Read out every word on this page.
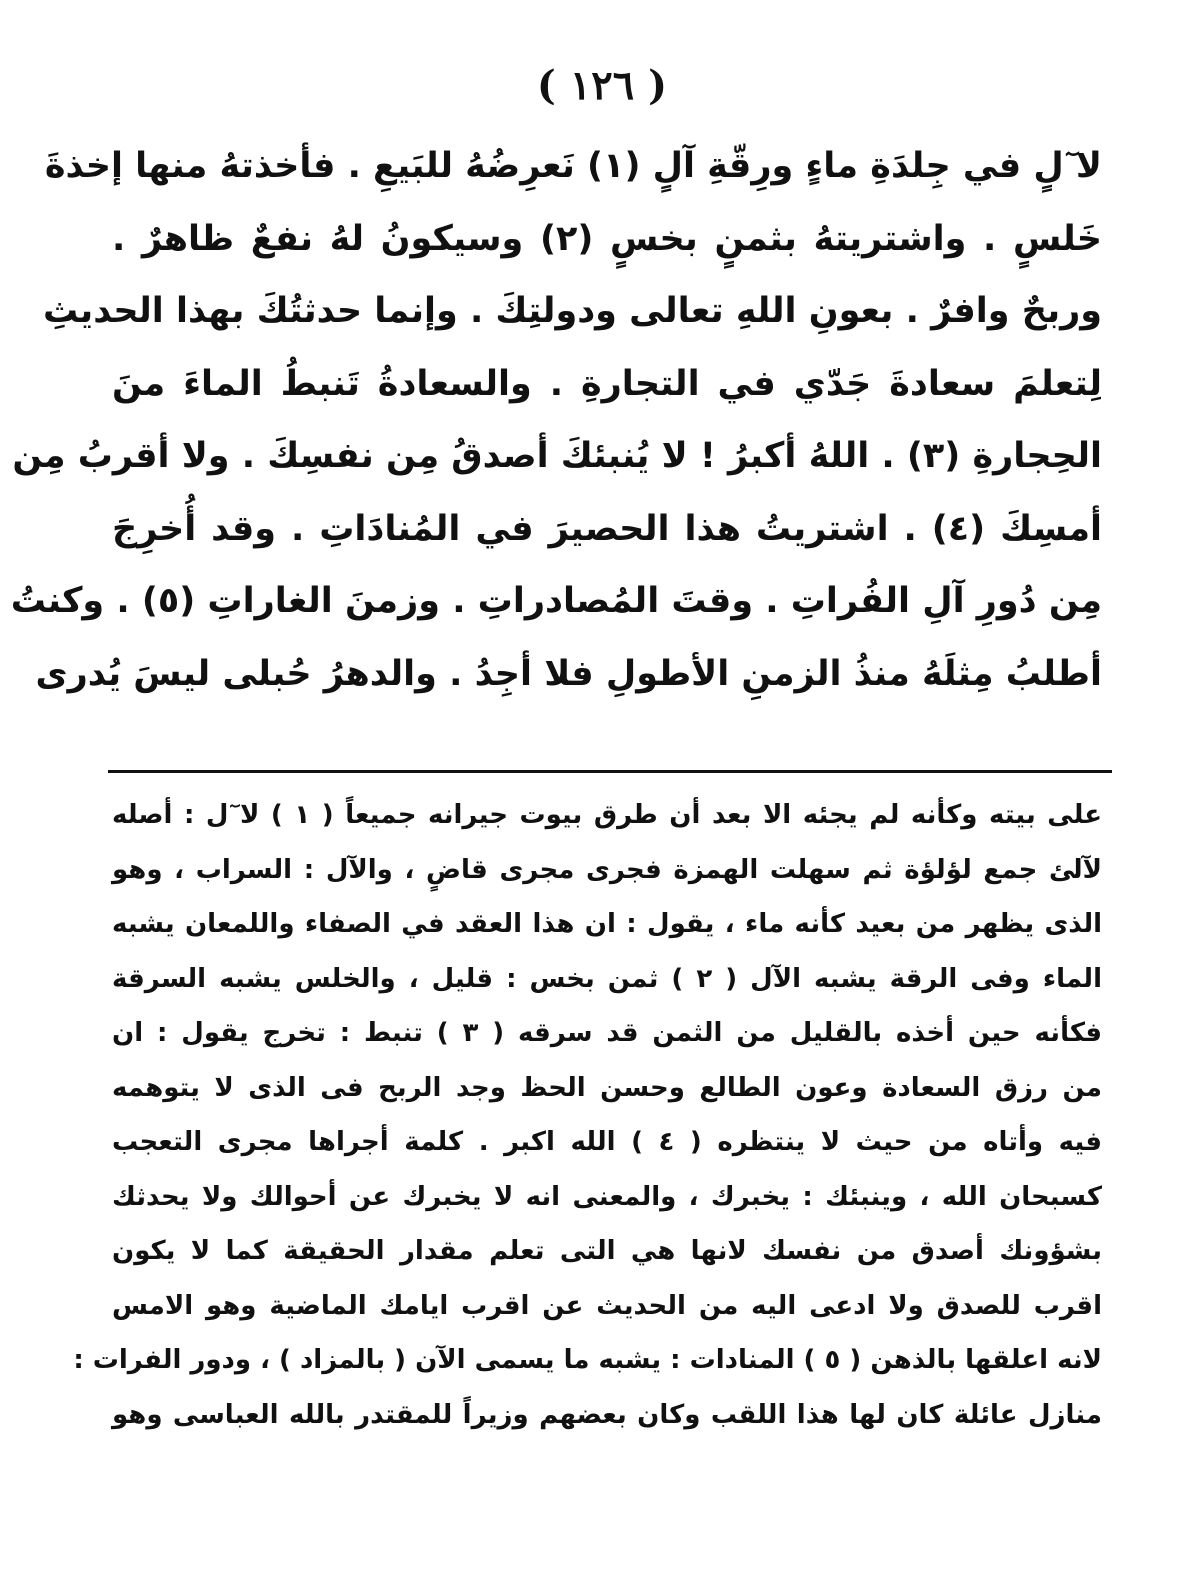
( ١٢٦ )
لا ٓلٍ في جِلدَةِ ماءٍ ورِقّةِ آلٍ (١) نَعرِضُهُ للبَيعِ . فأخذتهُ منها إخذةَ
خَلسٍ . واشتريتهُ بثمنٍ بخسٍ (٢) وسيكونُ لهُ نفعٌ ظاهرٌ .
وربحٌ وافرٌ . بعونِ اللهِ تعالى ودولتِكَ . وإنما حدثتُكَ بهذا الحديثِ
لِتعلمَ سعادةَ جَدّي في التجارةِ . والسعادةُ تَنبطُ الماءَ منَ
الحِجارةِ (٣) . اللهُ أكبرُ ! لا يُنبئكَ أصدقُ مِن نفسِكَ . ولا أقربُ مِن
أمسِكَ (٤) . اشتريتُ هذا الحصيرَ في المُنادَاتِ . وقد أُخرِجَ
مِن دُورِ آلِ الفُراتِ . وقتَ المُصادراتِ . وزمنَ الغاراتِ (٥) . وكنتُ
أطلبُ مِثلَهُ منذُ الزمنِ الأطولِ فلا أجِدُ . والدهرُ حُبلى ليسَ يُدرى
على بيته وكأنه لم يجئه الا بعد أن طرق بيوت جيرانه جميعاً ( ١ ) لا ٓل : أصله
لآلئ جمع لؤلؤة ثم سهلت الهمزة فجرى مجرى قاضٍ ، والآل : السراب ، وهو
الذى يظهر من بعيد كأنه ماء ، يقول : ان هذا العقد في الصفاء واللمعان يشبه
الماء وفى الرقة يشبه الآل ( ٢ ) ثمن بخس : قليل ، والخلس يشبه السرقة
فكأنه حين أخذه بالقليل من الثمن قد سرقه ( ٣ ) تنبط : تخرج يقول : ان
من رزق السعادة وعون الطالع وحسن الحظ وجد الربح فى الذى لا يتوهمه
فيه وأتاه من حيث لا ينتظره ( ٤ ) الله اكبر . كلمة أجراها مجرى التعجب
كسبحان الله ، وينبئك : يخبرك ، والمعنى انه لا يخبرك عن أحوالك ولا يحدثك
بشؤونك أصدق من نفسك لانها هي التى تعلم مقدار الحقيقة كما لا يكون
اقرب للصدق ولا ادعى اليه من الحديث عن اقرب ايامك الماضية وهو الامس
لانه اعلقها بالذهن ( ٥ ) المنادات : يشبه ما يسمى الآن ( بالمزاد ) ، ودور الفرات :
منازل عائلة كان لها هذا اللقب وكان بعضهم وزيراً للمقتدر بالله العباسى وهو
